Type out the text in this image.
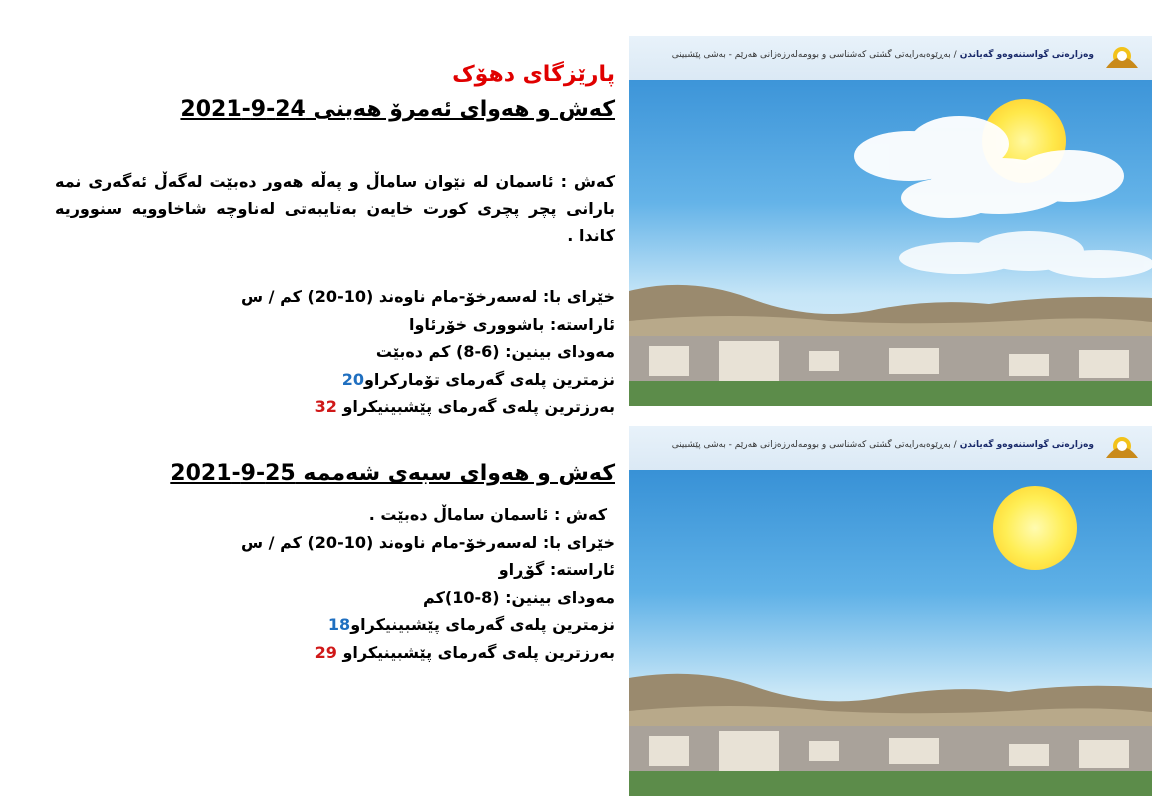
پارێزگای دهۆک
کەش و هەوای ئەمرۆ هەینی 24-9-2021
کەش : ئاسمان لە نێوان ساماڵ و پەڵە هەور دەبێت لەگەڵ ئەگەری نمە بارانی پچر پچری کورت خایەن بەتایبەتی لەناوچە شاخاوویە سنووریە کاندا .
خێرای با: لەسەرخۆ-مام ناوەند (10-20) کم / س
ئاراستە: باشووری خۆرئاوا
مەودای بینین: (6-8) کم دەبێت
نزمترین پلەی گەرمای تۆمارکراو20
بەرزترین پلەی گەرمای پێشبینیکراو 32
کەش و هەوای سبەی شەممە 25-9-2021
کەش : ئاسمان ساماڵ دەبێت .
خێرای با: لەسەرخۆ-مام ناوەند (10-20) کم / س
ئاراستە: گۆڕاو
مەودای بینین: (8-10)کم
نزمترین پلەی گەرمای پێشبینیکراو18
بەرزترین پلەی گەرمای پێشبینیکراو 29
وەزارەتی گواستنەوەو گەیاندن / بەڕێوەبەرایەتی گشتی کەشناسی و بوومەلەرزەزانی هەرێم - بەشی پێشبینی
وەزارەتی گواستنەوەو گەیاندن / بەڕێوەبەرایەتی گشتی کەشناسی و بوومەلەرزەزانی هەرێم - بەشی پێشبینی
